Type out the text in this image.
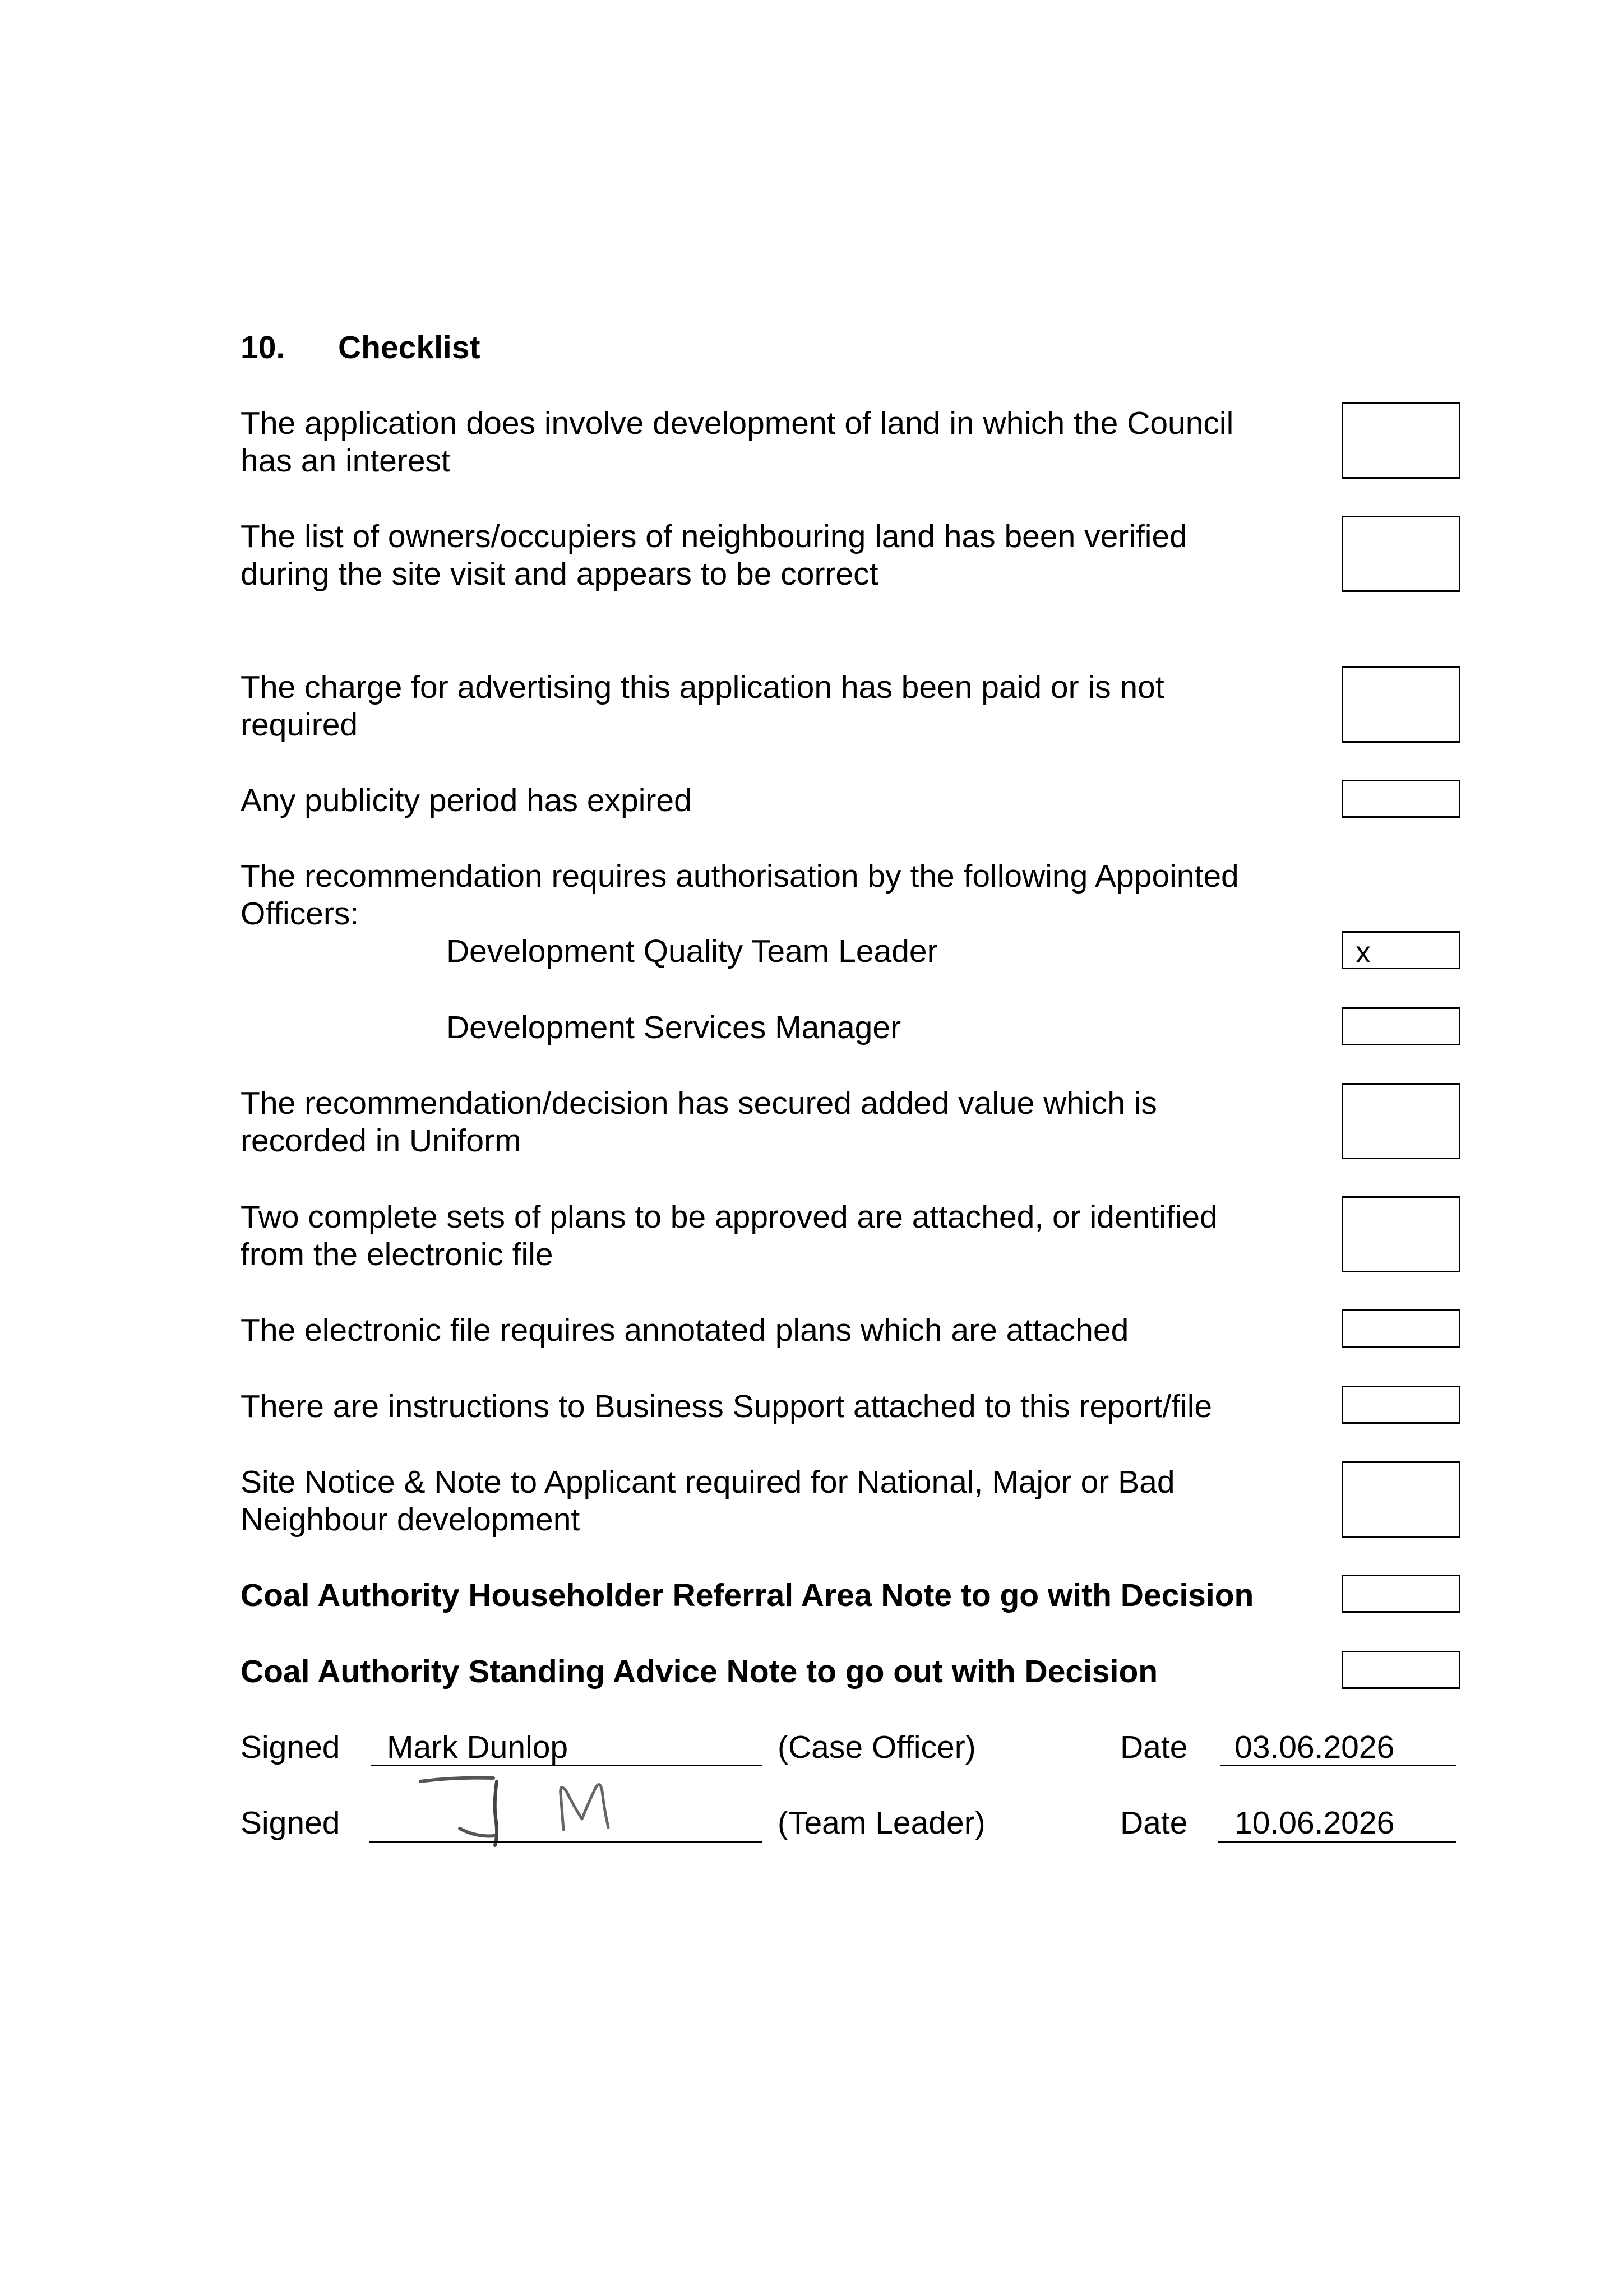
10. Checklist
The application does involve development of land in which the Council
has an interest
The list of owners/occupiers of neighbouring land has been verified
during the site visit and appears to be correct
The charge for advertising this application has been paid or is not
required
Any publicity period has expired
The recommendation requires authorisation by the following Appointed
Officers:
Development Quality Team Leader	x
Development Services Manager
The recommendation/decision has secured added value which is
recorded in Uniform
Two complete sets of plans to be approved are attached, or identified
from the electronic file
The electronic file requires annotated plans which are attached
There are instructions to Business Support attached to this report/file
Site Notice & Note to Applicant required for National, Major or Bad
Neighbour development
Coal Authority Householder Referral Area Note to go with Decision
Coal Authority Standing Advice Note to go out with Decision
Signed Mark Dunlop	(Case Officer)	Date 03.06.2026
Signed	(Team Leader)	Date 10.06.2026
